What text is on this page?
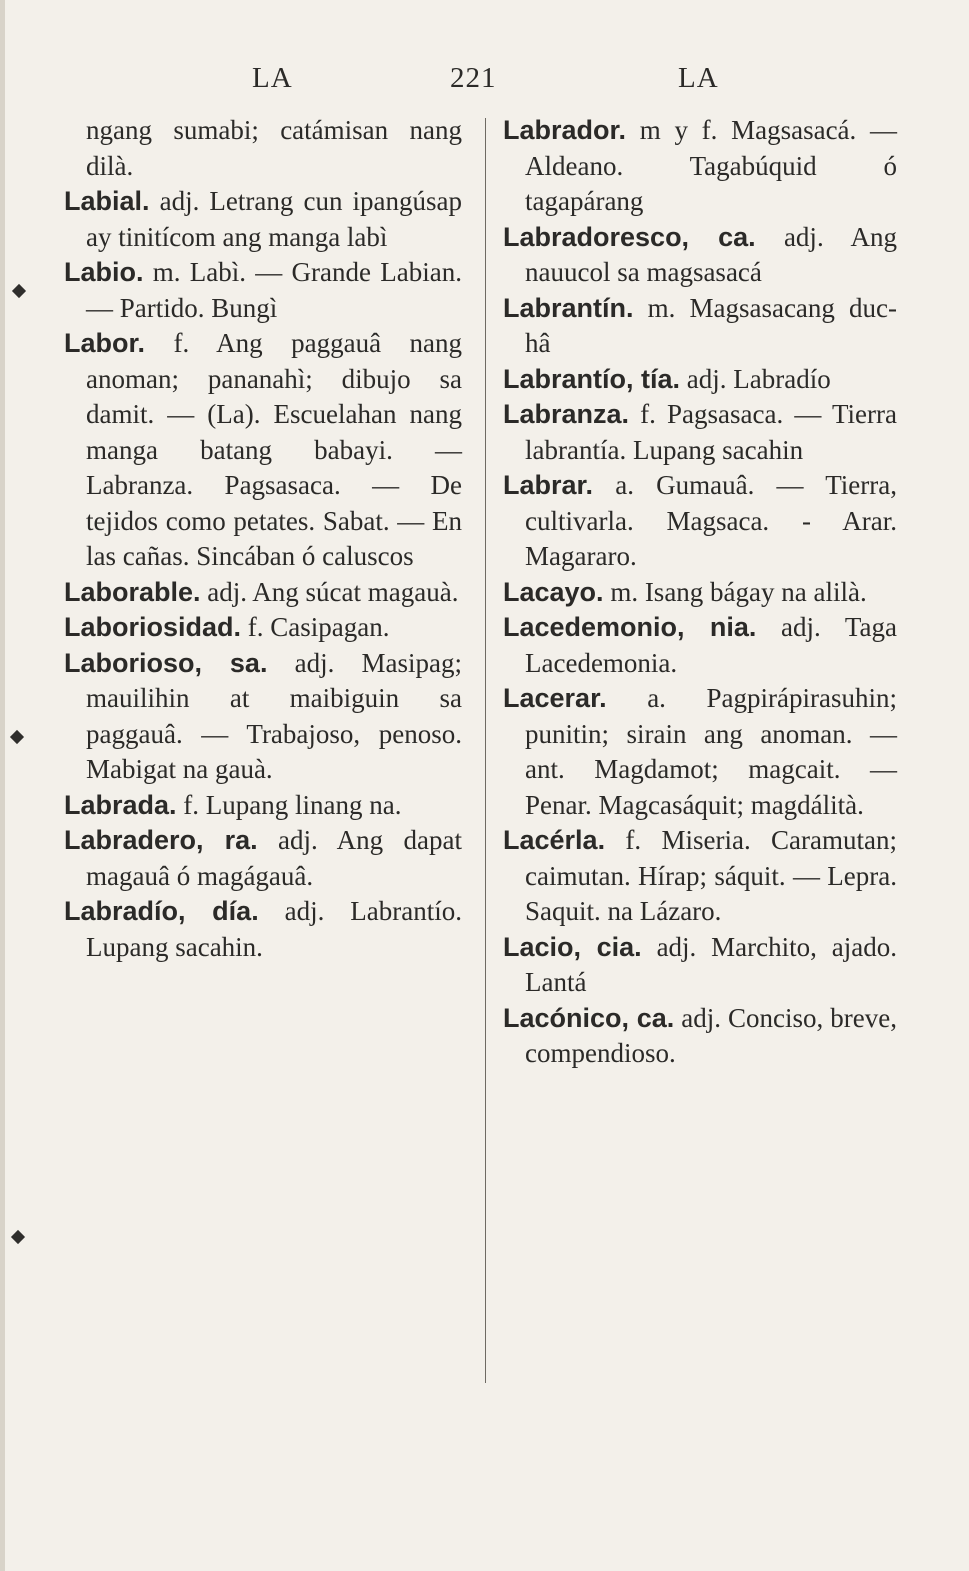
LA	221	LA

ngang sumabi; catámisan nang dilà.

Labial. adj. Letrang cun ipangúsap ay tinitícom ang manga labì

Labio. m. Labì. — Grande Labian. — Partido. Bungì

Labor. f. Ang paggauâ nang anoman; pananahì; dibujo sa damit. — (La). Escuelahan nang manga batang babayi. — Labranza. Pagsasaca. — De tejidos como petates. Sabat. — En las cañas. Sincában ó caluscos

Laborable. adj. Ang súcat magauà.

Laboriosidad. f. Casipagan.

Laborioso, sa. adj. Masipag; mauilihin at maibiguin sa paggauâ. — Trabajoso, penoso. Mabigat na gauà.

Labrada. f. Lupang linang na.

Labradero, ra. adj. Ang dapat magauâ ó magágauâ.

Labradío, día. adj. Labrantío. Lupang sacahin.

Labrador. m y f. Magsasacá. — Aldeano. Tagabúquid ó tagapárang

Labradoresco, ca. adj. Ang nauucol sa magsasacá

Labrantín. m. Magsasacang duc-hâ

Labrantío, tía. adj. Labradío

Labranza. f. Pagsasaca. — Tierra labrantía. Lupang sacahin

Labrar. a. Gumauâ. — Tierra, cultivarla. Magsaca. - Arar. Magararo.

Lacayo. m. Isang bágay na alilà.

Lacedemonio, nia. adj. Taga Lacedemonia.

Lacerar. a. Pagpirápirasuhin; punitin; sirain ang anoman. — ant. Magdamot; magcait. — Penar. Magcasáquit; magdálità.

Lacérla. f. Miseria. Caramutan; caimutan. Hírap; sáquit. — Lepra. Saquit. na Lázaro.

Lacio, cia. adj. Marchito, ajado. Lantá

Lacónico, ca. adj. Conciso, breve, compendioso.
